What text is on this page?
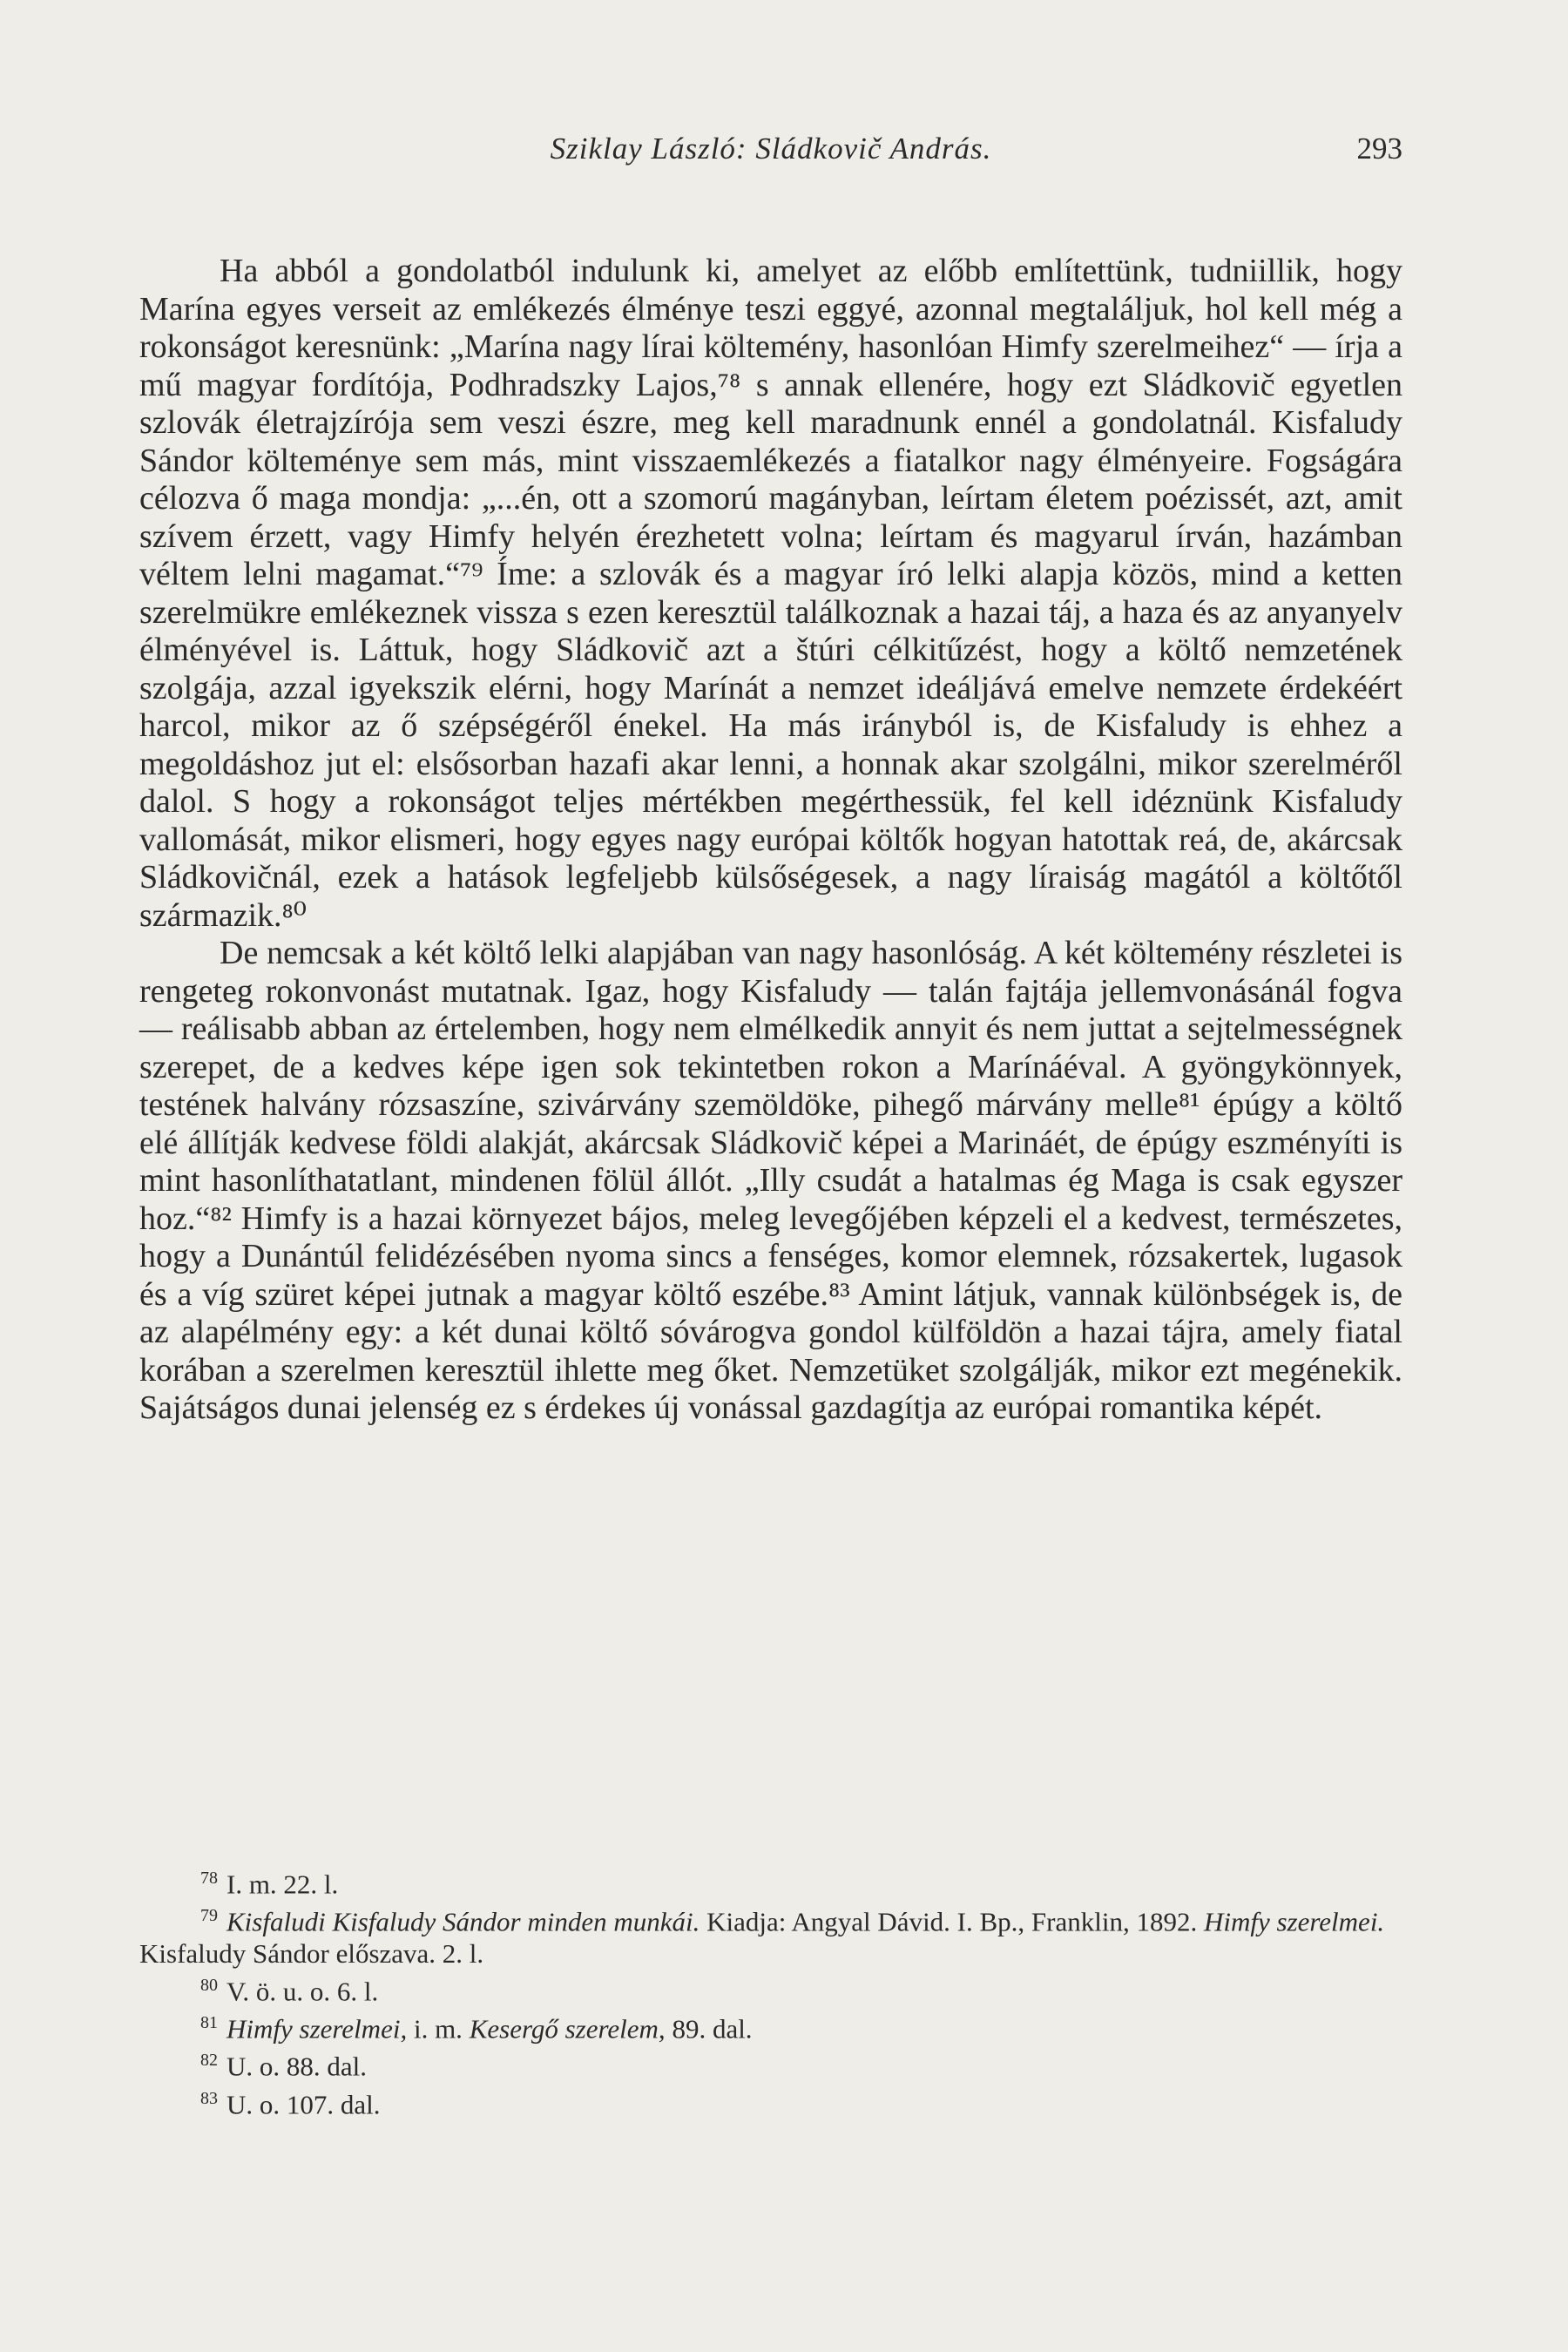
Sziklay László: Sládkovič András.	293

Ha abból a gondolatból indulunk ki, amelyet az előbb említettünk, tudniillik, hogy Marína egyes verseit az emlékezés élménye teszi eggyé, azonnal megtaláljuk, hol kell még a rokonságot keresnünk: „Marína nagy lírai költemény, hasonlóan Himfy szerelmeihez“ — írja a mű magyar fordítója, Podhradszky Lajos,⁷⁸ s annak ellenére, hogy ezt Sládkovič egyetlen szlovák életrajzírója sem veszi észre, meg kell maradnunk ennél a gondolatnál. Kisfaludy Sándor költeménye sem más, mint visszaemlékezés a fiatalkor nagy élményeire. Fogságára célozva ő maga mondja: „...én, ott a szomorú magányban, leírtam életem poézissét, azt, amit szívem érzett, vagy Himfy helyén érezhetett volna; leírtam és magyarul írván, hazámban véltem lelni magamat.“⁷⁹ Íme: a szlovák és a magyar író lelki alapja közös, mind a ketten szerelmükre emlékeznek vissza s ezen keresztül találkoznak a hazai táj, a haza és az anyanyelv élményével is. Láttuk, hogy Sládkovič azt a štúri célkitűzést, hogy a költő nemzetének szolgája, azzal igyekszik elérni, hogy Marínát a nemzet ideáljává emelve nemzete érdekéért harcol, mikor az ő szépségéről énekel. Ha más irányból is, de Kisfaludy is ehhez a megoldáshoz jut el: elsősorban hazafi akar lenni, a honnak akar szolgálni, mikor szerelméről dalol. S hogy a rokonságot teljes mértékben megérthessük, fel kell idéznünk Kisfaludy vallomását, mikor elismeri, hogy egyes nagy európai költők hogyan hatottak reá, de, akárcsak Sládkovičnál, ezek a hatások legfeljebb külsőségesek, a nagy líraiság magától a költőtől származik.⁸⁰

De nemcsak a két költő lelki alapjában van nagy hasonlóság. A két költemény részletei is rengeteg rokonvonást mutatnak. Igaz, hogy Kisfaludy — talán fajtája jellemvonásánál fogva — reálisabb abban az értelemben, hogy nem elmélkedik annyit és nem juttat a sejtelmességnek szerepet, de a kedves képe igen sok tekintetben rokon a Marínáéval. A gyöngykönnyek, testének halvány rózsaszíne, szivárvány szemöldöke, pihegő márvány melle⁸¹ épúgy a költő elé állítják kedvese földi alakját, akárcsak Sládkovič képei a Marináét, de épúgy eszményíti is mint hasonlíthatatlant, mindenen fölül állót. „Illy csudát a hatalmas ég Maga is csak egyszer hoz.“⁸² Himfy is a hazai környezet bájos, meleg levegőjében képzeli el a kedvest, természetes, hogy a Dunántúl felidézésében nyoma sincs a fenséges, komor elemnek, rózsakertek, lugasok és a víg szüret képei jutnak a magyar költő eszébe.⁸³ Amint látjuk, vannak különbségek is, de az alapélmény egy: a két dunai költő sóvárogva gondol külföldön a hazai tájra, amely fiatal korában a szerelmen keresztül ihlette meg őket. Nemzetüket szolgálják, mikor ezt megénekik. Sajátságos dunai jelenség ez s érdekes új vonással gazdagítja az európai romantika képét.

$^{78}$ I. m. 22. l.

$^{79}$ Kisfaludi Kisfaludy Sándor minden munkái. Kiadja: Angyal Dávid. I. Bp., Franklin, 1892. Himfy szerelmei. Kisfaludy Sándor előszava. 2. l.

$^{80}$ V. ö. u. o. 6. l.

$^{81}$ Himfy szerelmei, i. m. Kesergő szerelem, 89. dal.

$^{82}$ U. o. 88. dal.

$^{83}$ U. o. 107. dal.
